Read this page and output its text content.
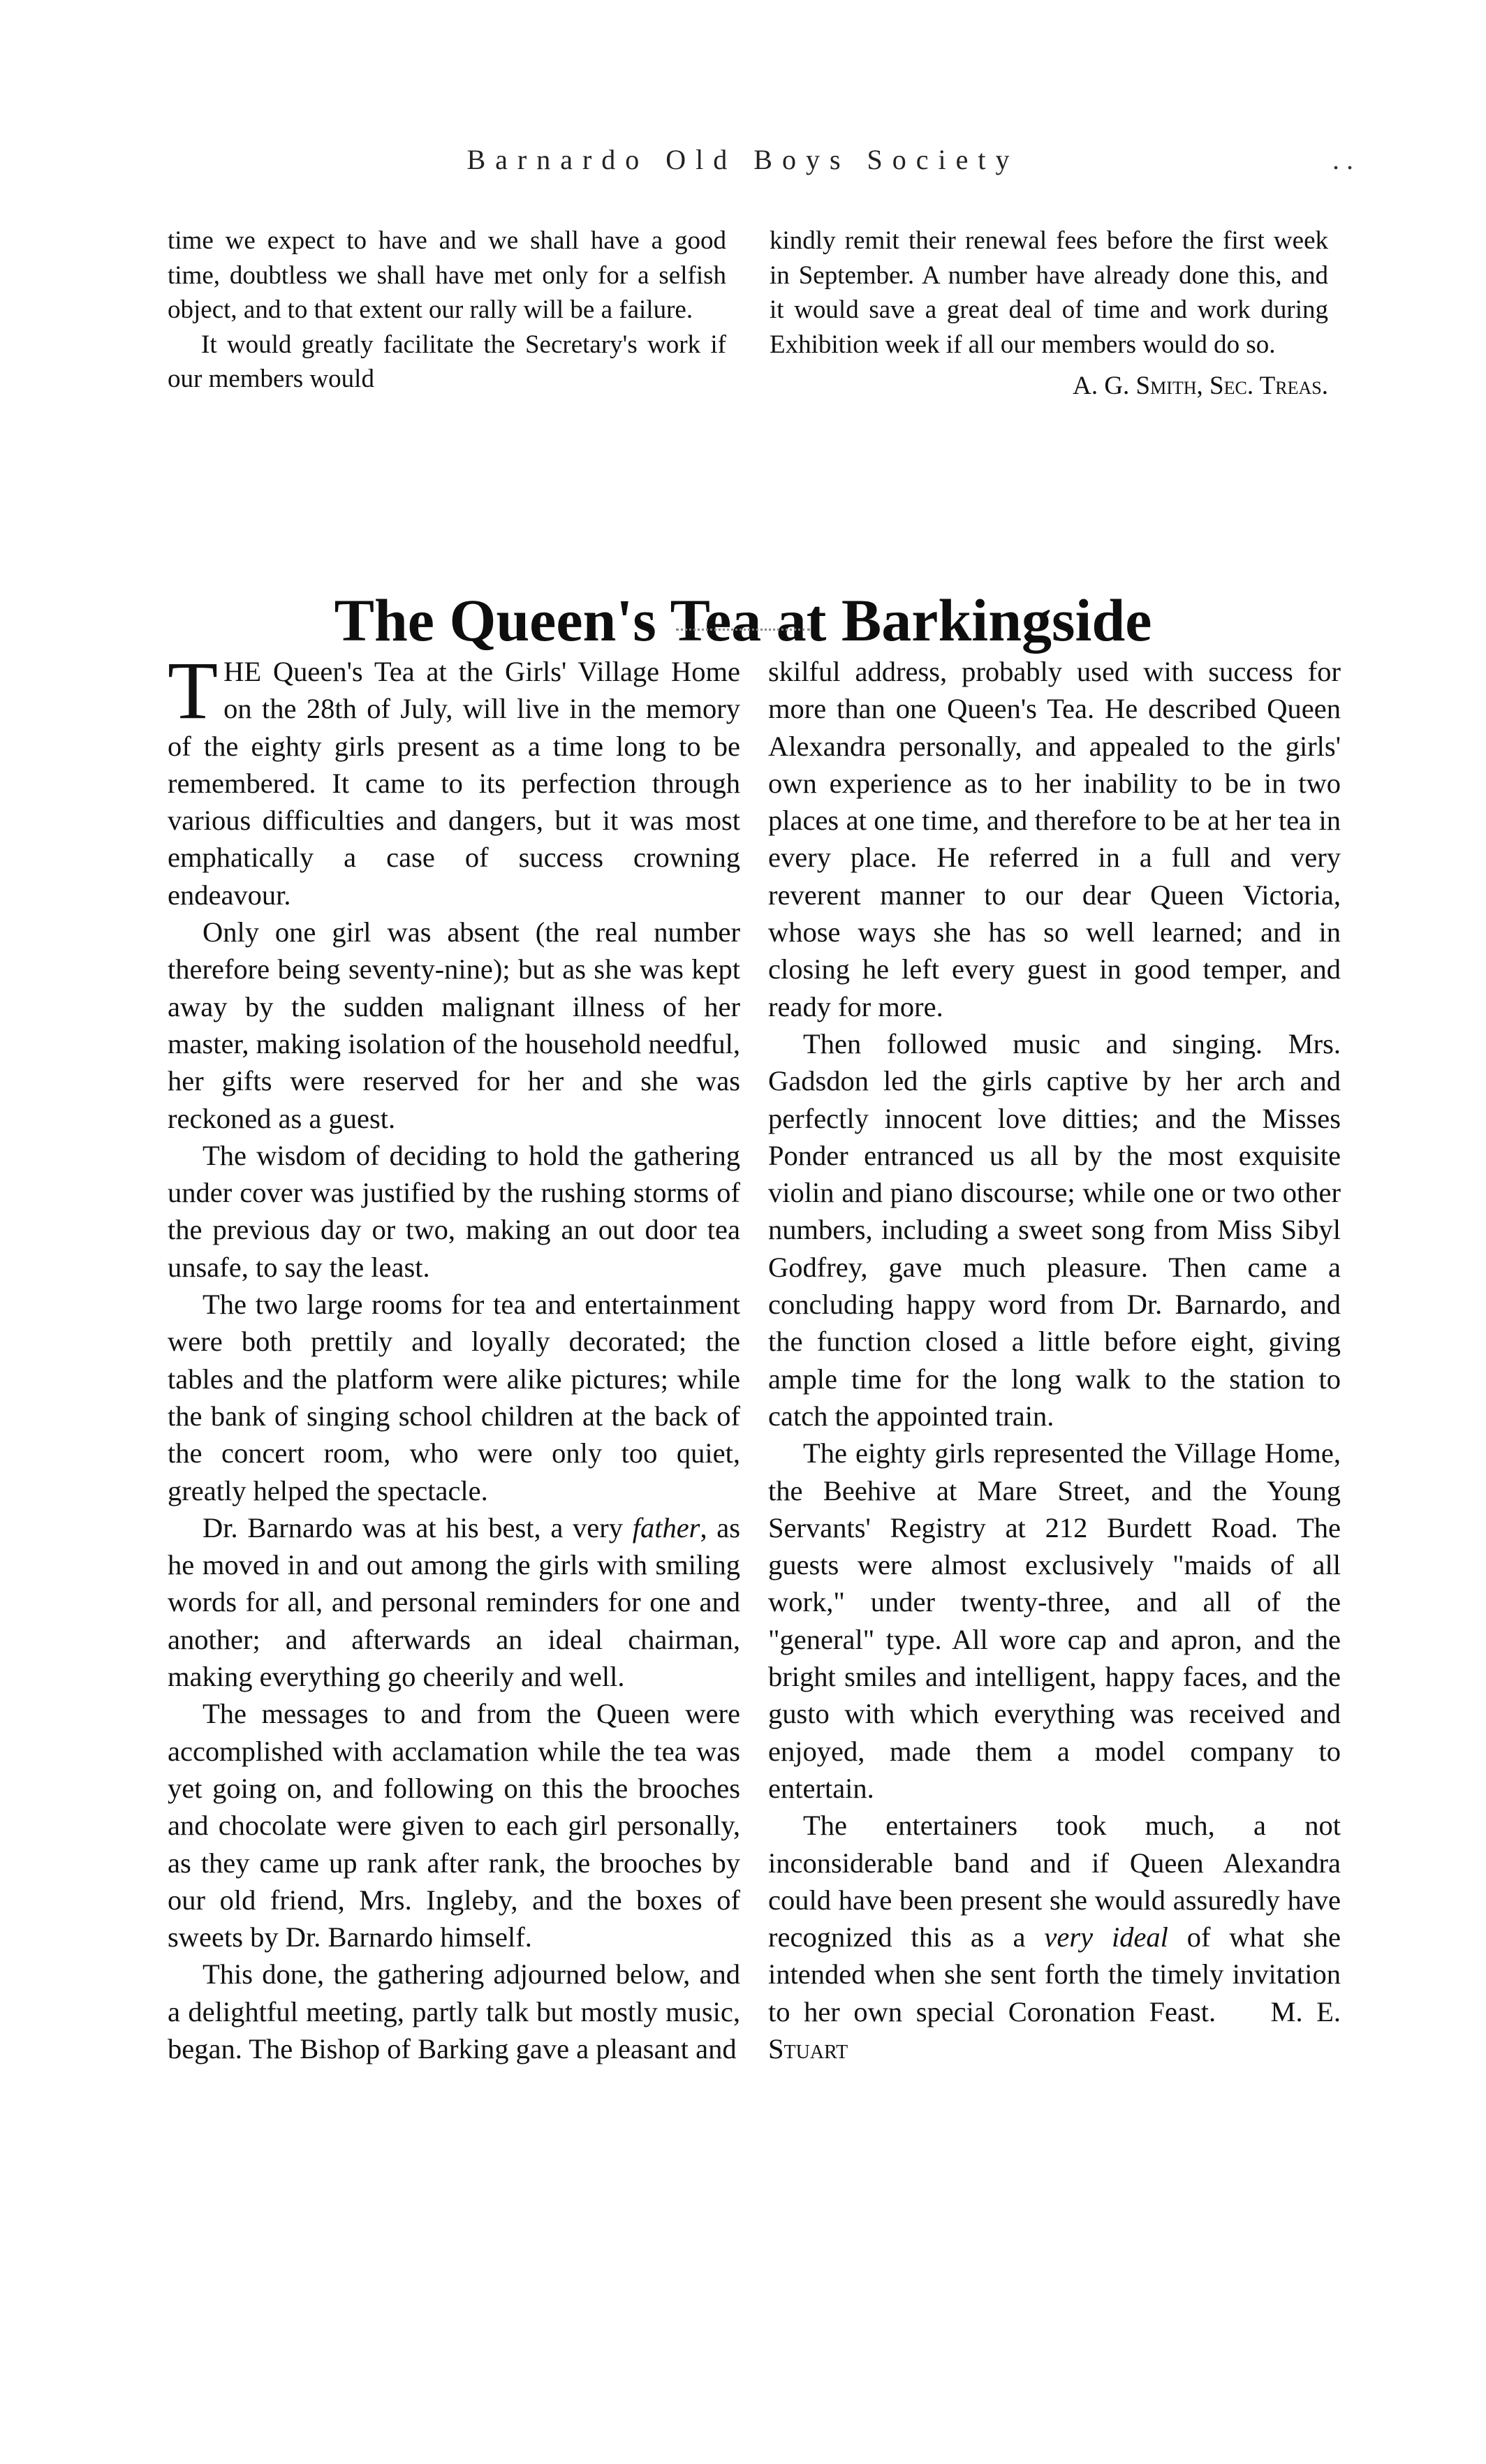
Barnardo Old Boys Society	. .

time we expect to have and we shall have a good time, doubtless we shall have met only for a selfish object, and to that extent our rally will be a failure.

It would greatly facilitate the Secretary's work if our members would

kindly remit their renewal fees before the first week in September. A number have already done this, and it would save a great deal of time and work during Exhibition week if all our members would do so.

A. G. Smith, Sec. Treas.
The Queen's Tea at Barkingside

THE Queen's Tea at the Girls' Village Home on the 28th of July, will live in the memory of the eighty girls present as a time long to be remembered. It came to its perfection through various difficulties and dangers, but it was most emphatically a case of success crowning endeavour.

Only one girl was absent (the real number therefore being seventy-nine); but as she was kept away by the sudden malignant illness of her master, making isolation of the household needful, her gifts were reserved for her and she was reckoned as a guest.

The wisdom of deciding to hold the gathering under cover was justified by the rushing storms of the previous day or two, making an out door tea unsafe, to say the least.

The two large rooms for tea and entertainment were both prettily and loyally decorated; the tables and the platform were alike pictures; while the bank of singing school children at the back of the concert room, who were only too quiet, greatly helped the spectacle.

Dr. Barnardo was at his best, a very father, as he moved in and out among the girls with smiling words for all, and personal reminders for one and another; and afterwards an ideal chairman, making everything go cheerily and well.

The messages to and from the Queen were accomplished with acclamation while the tea was yet going on, and following on this the brooches and chocolate were given to each girl personally, as they came up rank after rank, the brooches by our old friend, Mrs. Ingleby, and the boxes of sweets by Dr. Barnardo himself.

This done, the gathering adjourned below, and a delightful meeting, partly talk but mostly music, began. The Bishop of Barking gave a pleasant and

skilful address, probably used with success for more than one Queen's Tea. He described Queen Alexandra personally, and appealed to the girls' own experience as to her inability to be in two places at one time, and therefore to be at her tea in every place. He referred in a full and very reverent manner to our dear Queen Victoria, whose ways she has so well learned; and in closing he left every guest in good temper, and ready for more.

Then followed music and singing. Mrs. Gadsdon led the girls captive by her arch and perfectly innocent love ditties; and the Misses Ponder entranced us all by the most exquisite violin and piano discourse; while one or two other numbers, including a sweet song from Miss Sibyl Godfrey, gave much pleasure. Then came a concluding happy word from Dr. Barnardo, and the function closed a little before eight, giving ample time for the long walk to the station to catch the appointed train.

The eighty girls represented the Village Home, the Beehive at Mare Street, and the Young Servants' Registry at 212 Burdett Road. The guests were almost exclusively "maids of all work," under twenty-three, and all of the "general" type. All wore cap and apron, and the bright smiles and intelligent, happy faces, and the gusto with which everything was received and enjoyed, made them a model company to entertain.

The entertainers took much, a not inconsiderable band and if Queen Alexandra could have been present she would assuredly have recognized this as a very ideal of what she intended when she sent forth the timely invitation to her own special Coronation Feast. M. E. Stuart
